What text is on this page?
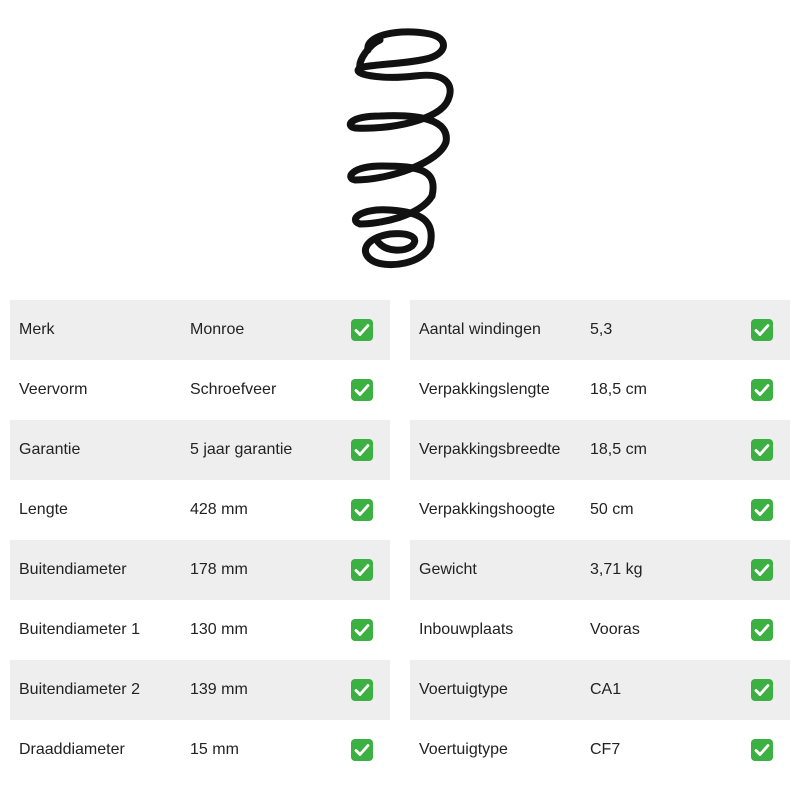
Merk	Monroe
Veervorm	Schroefveer
Garantie	5 jaar garantie
Lengte	428 mm
Buitendiameter	178 mm
Buitendiameter 1	130 mm
Buitendiameter 2	139 mm
Draaddiameter	15 mm
Aantal windingen	5,3
Verpakkingslengte	18,5 cm
Verpakkingsbreedte 18,5 cm
Verpakkingshoogte 50 cm
Gewicht	3,71 kg
Inbouwplaats	Vooras
Voertuigtype	CA1
Voertuigtype	CF7
